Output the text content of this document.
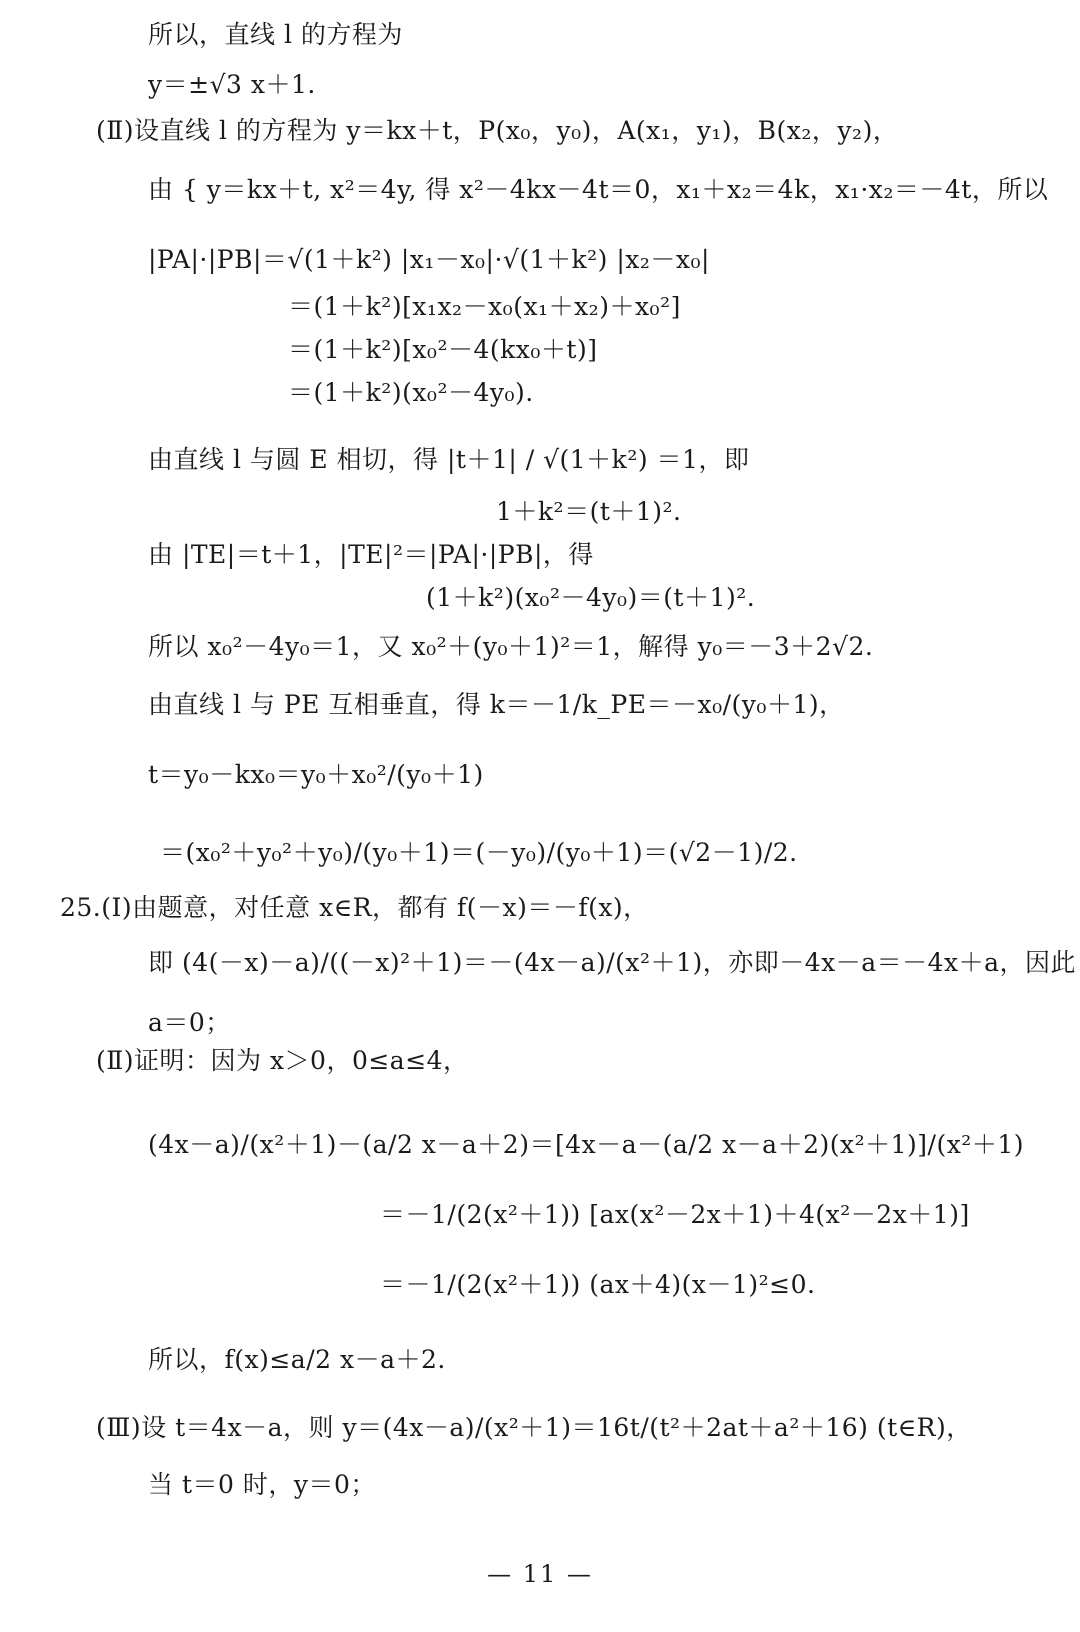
所以，直线 l 的方程为
y＝±√3 x＋1.
(Ⅱ)设直线 l 的方程为 y＝kx＋t，P(x₀，y₀)，A(x₁，y₁)，B(x₂，y₂)，
由 { y＝kx＋t, x²＝4y, 得 x²－4kx－4t＝0，x₁＋x₂＝4k，x₁·x₂＝－4t，所以
|PA|·|PB|＝√(1＋k²) |x₁－x₀|·√(1＋k²) |x₂－x₀|
＝(1＋k²)[x₁x₂－x₀(x₁＋x₂)＋x₀²]
＝(1＋k²)[x₀²－4(kx₀＋t)]
＝(1＋k²)(x₀²－4y₀).
由直线 l 与圆 E 相切，得 |t＋1| / √(1＋k²) ＝1，即
1＋k²＝(t＋1)².
由 |TE|＝t＋1，|TE|²＝|PA|·|PB|，得
(1＋k²)(x₀²－4y₀)＝(t＋1)².
所以 x₀²－4y₀＝1，又 x₀²＋(y₀＋1)²＝1，解得 y₀＝－3＋2√2.
由直线 l 与 PE 互相垂直，得 k＝－1/k_PE＝－x₀/(y₀＋1)，
t＝y₀－kx₀＝y₀＋x₀²/(y₀＋1)
＝(x₀²＋y₀²＋y₀)/(y₀＋1)＝(－y₀)/(y₀＋1)＝(√2－1)/2.
25.(Ⅰ)由题意，对任意 x∈R，都有 f(－x)＝－f(x)，
即 (4(－x)－a)/((－x)²＋1)＝－(4x－a)/(x²＋1)，亦即－4x－a＝－4x＋a，因此
a＝0；
(Ⅱ)证明：因为 x＞0，0≤a≤4，
(4x－a)/(x²＋1)－(a/2 x－a＋2)＝[4x－a－(a/2 x－a＋2)(x²＋1)]/(x²＋1)
＝－1/(2(x²＋1)) [ax(x²－2x＋1)＋4(x²－2x＋1)]
＝－1/(2(x²＋1)) (ax＋4)(x－1)²≤0.
所以，f(x)≤a/2 x－a＋2.
(Ⅲ)设 t＝4x－a，则 y＝(4x－a)/(x²＋1)＝16t/(t²＋2at＋a²＋16) (t∈R)，
当 t＝0 时，y＝0；
— 11 —
